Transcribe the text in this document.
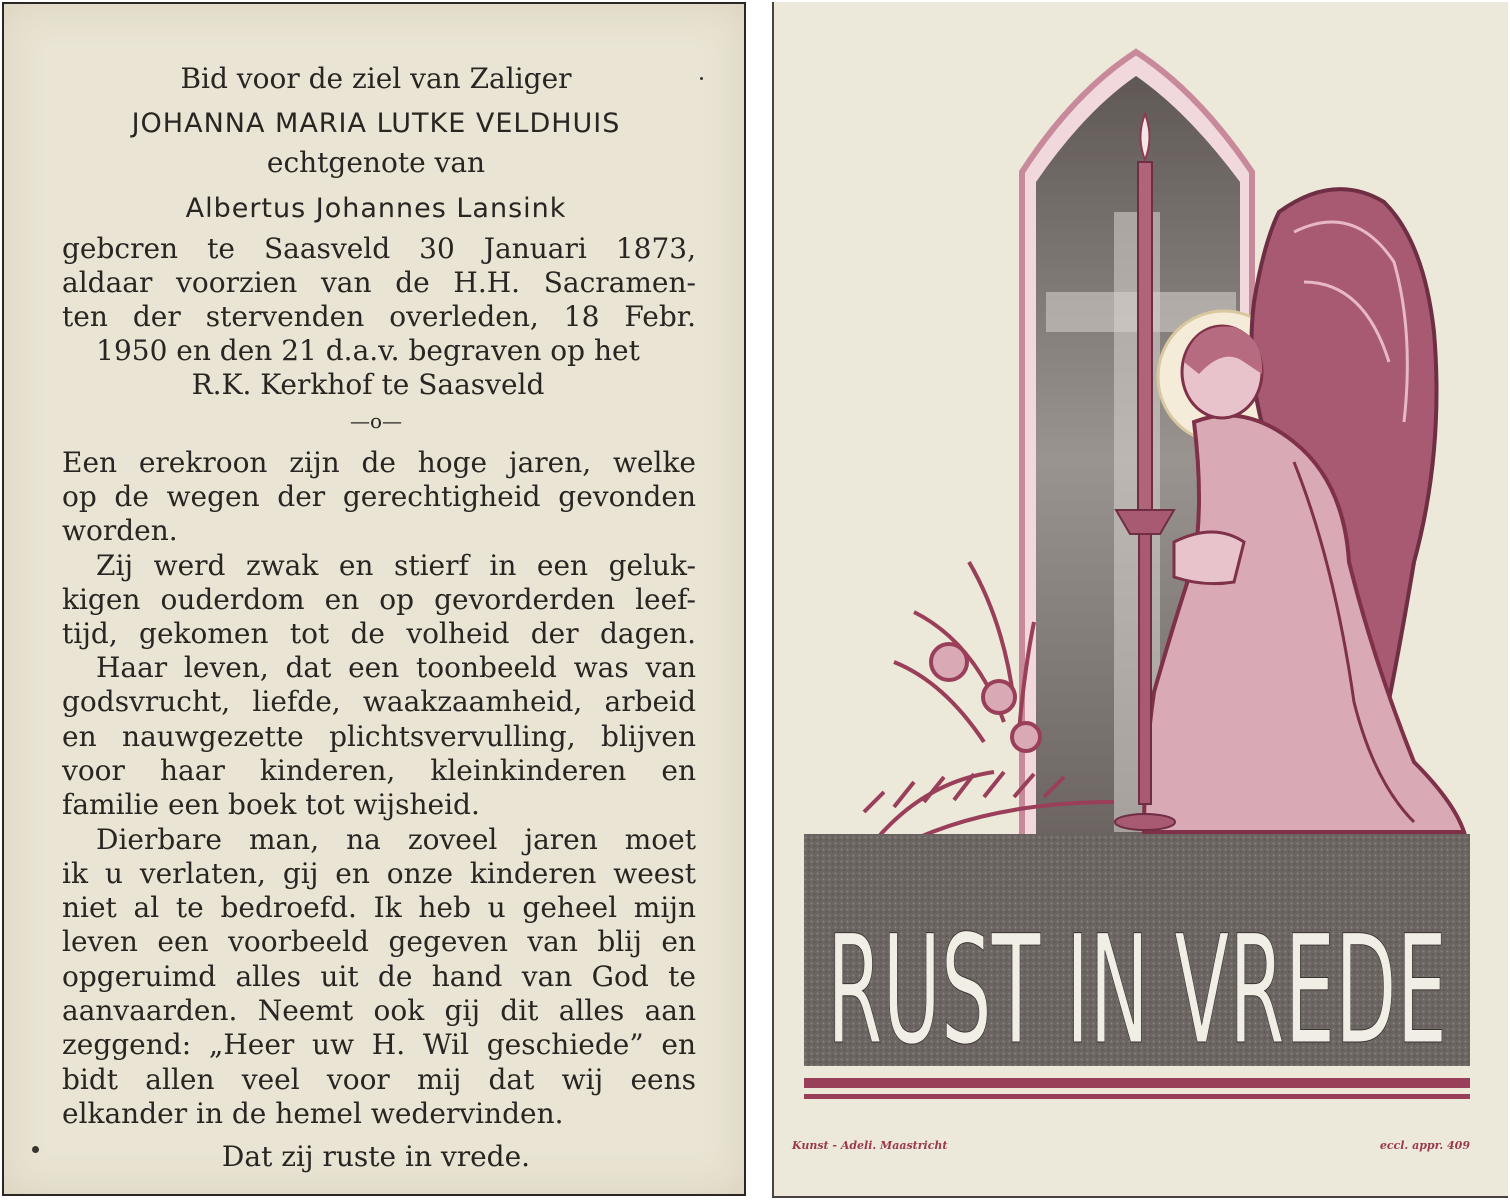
Bid voor de ziel van Zaliger
JOHANNA MARIA LUTKE VELDHUIS
echtgenote van
Albertus Johannes Lansink
gebcren te Saasveld 30 Januari 1873,
aldaar voorzien van de H.H. Sacramen-
ten der stervenden overleden, 18 Febr.
1950 en den 21 d.a.v. begraven op het
R.K. Kerkhof te Saasveld
—o—
Een erekroon zijn de hoge jaren, welke
op de wegen der gerechtigheid gevonden
worden.
Zij werd zwak en stierf in een geluk-
kigen ouderdom en op gevorderden leef-
tijd, gekomen tot de volheid der dagen.
Haar leven, dat een toonbeeld was van
godsvrucht, liefde, waakzaamheid, arbeid
en nauwgezette plichtsvervulling, blijven
voor haar kinderen, kleinkinderen en
familie een boek tot wijsheid.
Dierbare man, na zoveel jaren moet
ik u verlaten, gij en onze kinderen weest
niet al te bedroefd. Ik heb u geheel mijn
leven een voorbeeld gegeven van blij en
opgeruimd alles uit de hand van God te
aanvaarden. Neemt ook gij dit alles aan
zeggend: „Heer uw H. Wil geschiede” en
bidt allen veel voor mij dat wij eens
elkander in de hemel wedervinden.
Dat zij ruste in vrede.
RUST IN VREDE
Kunst - Adeli. Maastricht	eccl. appr. 409
